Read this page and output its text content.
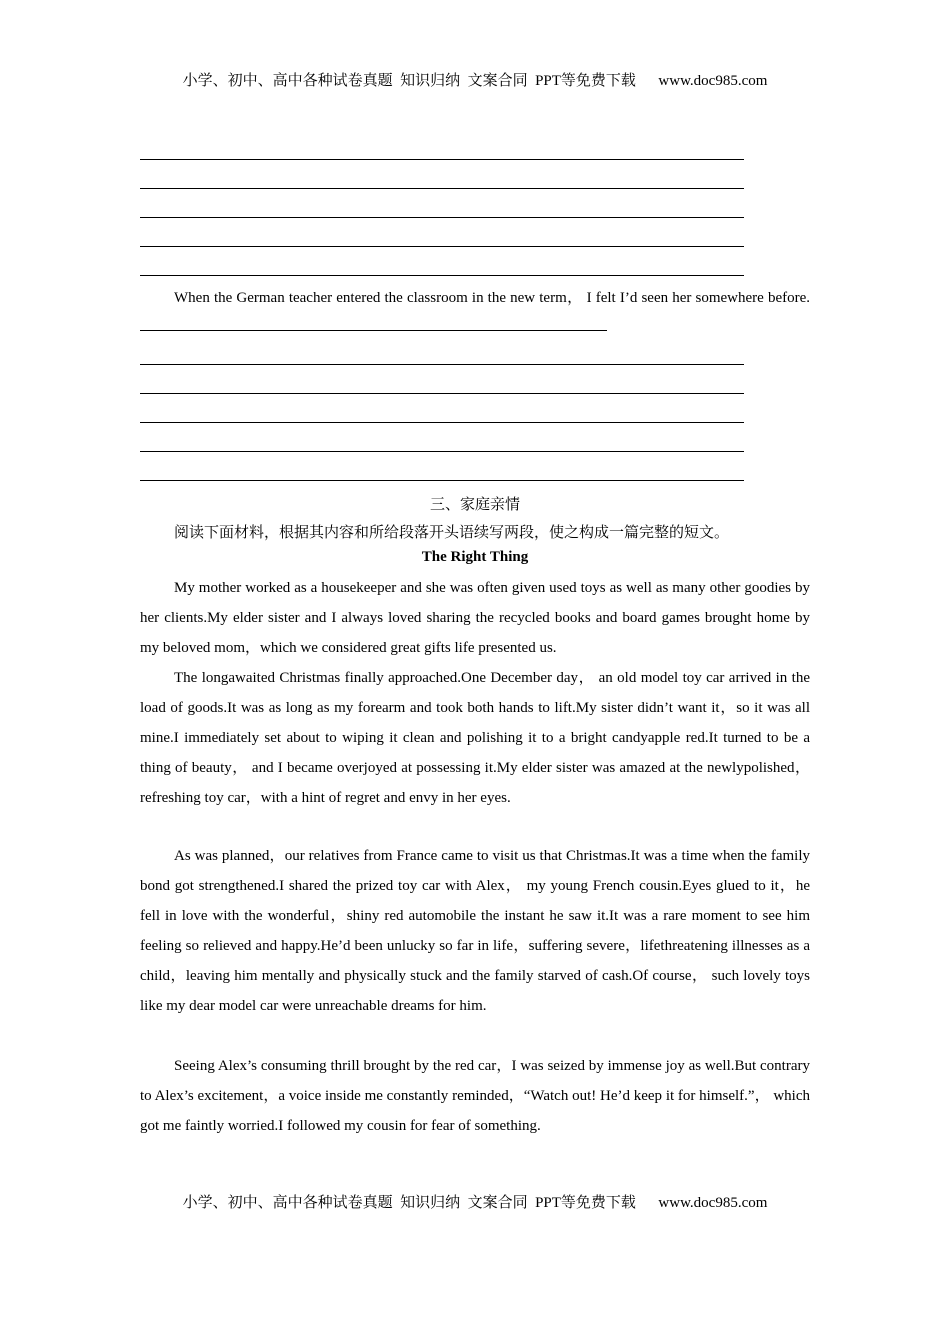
小学、初中、高中各种试卷真题  知识归纳  文案合同  PPT等免费下载      www.doc985.com

When the German teacher entered the classroom in the new term， I felt I’d seen her somewhere before.

三、家庭亲情

阅读下面材料，根据其内容和所给段落开头语续写两段，使之构成一篇完整的短文。

The Right Thing

My mother worked as a housekeeper and she was often given used toys as well as many other goodies by her clients.My elder sister and I always loved sharing the recycled books and board games brought home by my beloved mom，which we considered great gifts life presented us.

The longawaited Christmas finally approached.One December day， an old model toy car arrived in the load of goods.It was as long as my forearm and took both hands to lift.My sister didn’t want it，so it was all mine.I immediately set about to wiping it clean and polishing it to a bright candyapple red.It turned to be a thing of beauty， and I became overjoyed at possessing it.My elder sister was amazed at the newlypolished，refreshing toy car，with a hint of regret and envy in her eyes.

As was planned，our relatives from France came to visit us that Christmas.It was a time when the family bond got strengthened.I shared the prized toy car with Alex， my young French cousin.Eyes glued to it，he fell in love with the wonderful，shiny red automobile the instant he saw it.It was a rare moment to see him feeling so relieved and happy.He’d been unlucky so far in life，suffering severe，lifethreatening illnesses as a child，leaving him mentally and physically stuck and the family starved of cash.Of course， such lovely toys like my dear model car were unreachable dreams for him.

Seeing Alex’s consuming thrill brought by the red car，I was seized by immense joy as well.But contrary to Alex’s excitement，a voice inside me constantly reminded，“Watch out! He’d keep it for himself.”， which got me faintly worried.I followed my cousin for fear of something.

小学、初中、高中各种试卷真题  知识归纳  文案合同  PPT等免费下载      www.doc985.com
